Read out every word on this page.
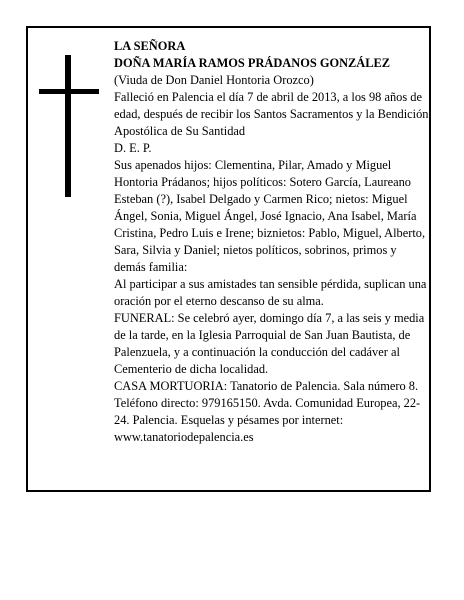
LA SEÑORA

DOÑA MARÍA RAMOS PRÁDANOS GONZÁLEZ

(Viuda de Don Daniel Hontoria Orozco)

Falleció en Palencia el día 7 de abril de 2013, a los 98 años de edad, después de recibir los Santos Sacramentos y la Bendición Apostólica de Su Santidad

D. E. P.

Sus apenados hijos: Clementina, Pilar, Amado y Miguel Hontoria Prádanos; hijos políticos: Sotero García, Laureano Esteban (?), Isabel Delgado y Carmen Rico; nietos: Miguel Ángel, Sonia, Miguel Ángel, José Ignacio, Ana Isabel, María Cristina, Pedro Luis e Irene; biznietos: Pablo, Miguel, Alberto, Sara, Silvia y Daniel; nietos políticos, sobrinos, primos y demás familia:

Al participar a sus amistades tan sensible pérdida, suplican una oración por el eterno descanso de su alma.

FUNERAL: Se celebró ayer, domingo día 7, a las seis y media de la tarde, en la Iglesia Parroquial de San Juan Bautista, de Palenzuela, y a continuación la conducción del cadáver al Cementerio de dicha localidad.

CASA MORTUORIA: Tanatorio de Palencia. Sala número 8. Teléfono directo: 979165150. Avda. Comunidad Europea, 22-24. Palencia. Esquelas y pésames por internet: www.tanatoriodepalencia.es
